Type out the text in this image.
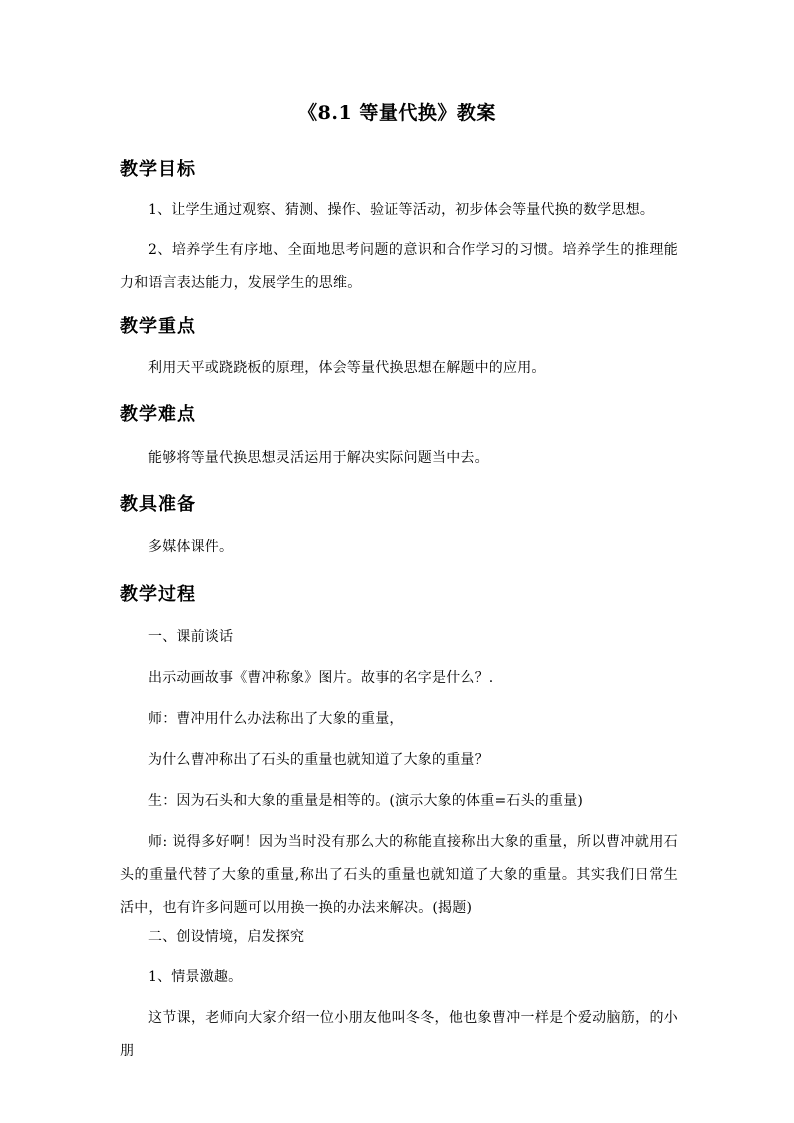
《8.1 等量代换》教案
教学目标
1、让学生通过观察、猜测、操作、验证等活动，初步体会等量代换的数学思想。
2、培养学生有序地、全面地思考问题的意识和合作学习的习惯。培养学生的推理能力和语言表达能力，发展学生的思维。
教学重点
利用天平或跷跷板的原理，体会等量代换思想在解题中的应用。
教学难点
能够将等量代换思想灵活运用于解决实际问题当中去。
教具准备
多媒体课件。
教学过程
一、课前谈话
出示动画故事《曹冲称象》图片。故事的名字是什么？.
师：曹冲用什么办法称出了大象的重量，
为什么曹冲称出了石头的重量也就知道了大象的重量？
生：因为石头和大象的重量是相等的。(演示大象的体重=石头的重量)
师: 说得多好啊！因为当时没有那么大的称能直接称出大象的重量，所以曹冲就用石头的重量代替了大象的重量,称出了石头的重量也就知道了大象的重量。其实我们日常生活中，也有许多问题可以用换一换的办法来解决。(揭题)
二、创设情境，启发探究
1、情景激趣。
这节课，老师向大家介绍一位小朋友他叫冬冬，他也象曹冲一样是个爱动脑筋，的小朋
